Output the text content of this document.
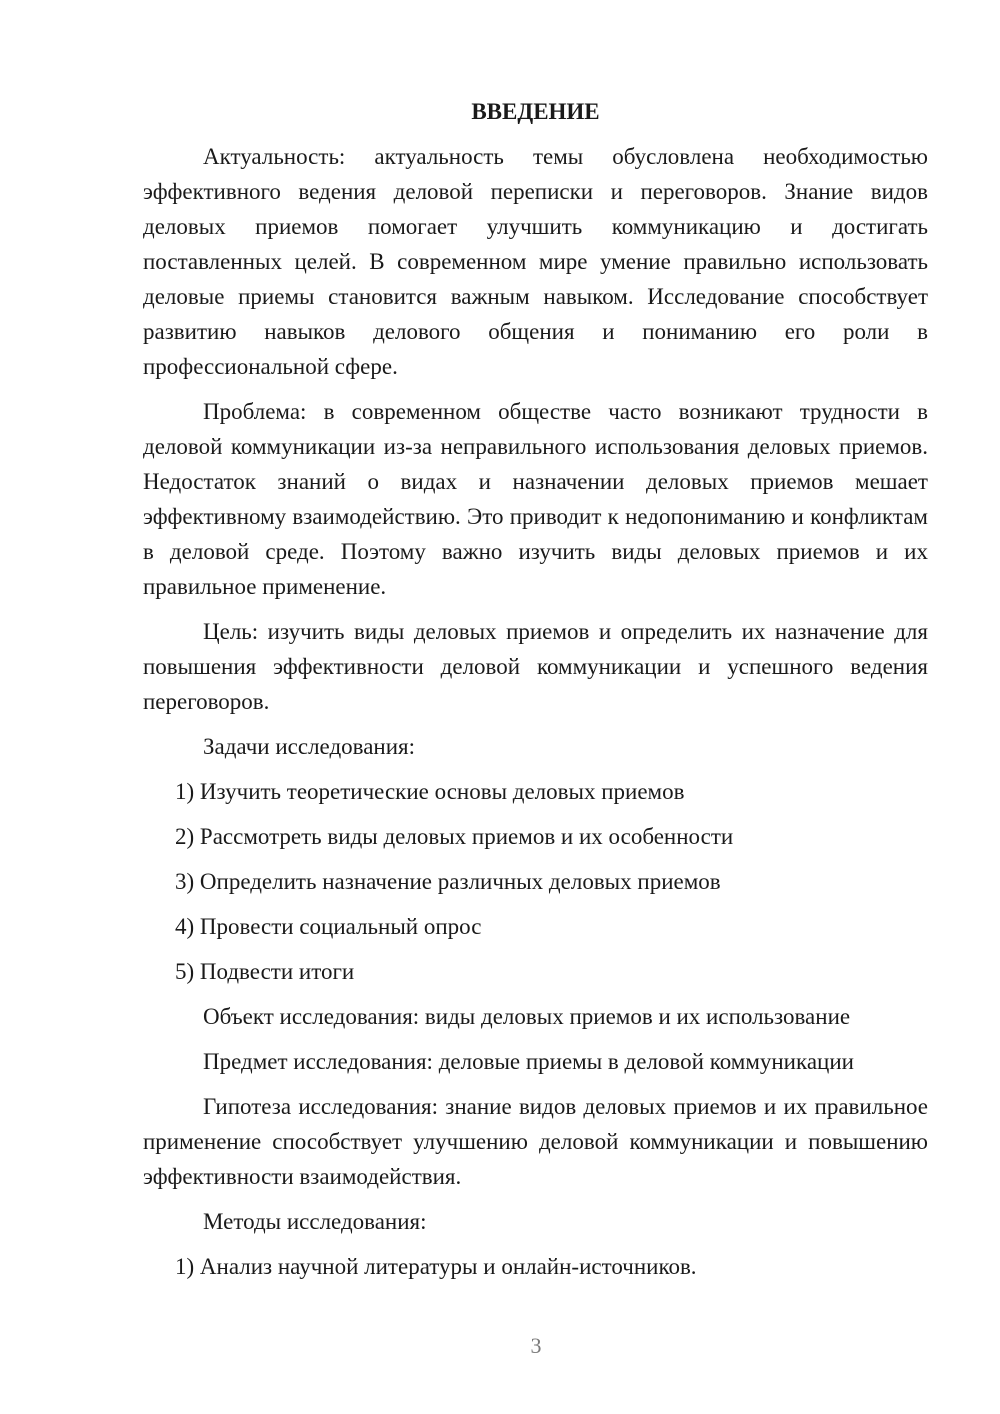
ВВЕДЕНИЕ

Актуальность: актуальность темы обусловлена необходимостью эффективного ведения деловой переписки и переговоров. Знание видов деловых приемов помогает улучшить коммуникацию и достигать поставленных целей. В современном мире умение правильно использовать деловые приемы становится важным навыком. Исследование способствует развитию навыков делового общения и пониманию его роли в профессиональной сфере.

Проблема: в современном обществе часто возникают трудности в деловой коммуникации из-за неправильного использования деловых приемов. Недостаток знаний о видах и назначении деловых приемов мешает эффективному взаимодействию. Это приводит к недопониманию и конфликтам в деловой среде. Поэтому важно изучить виды деловых приемов и их правильное применение.

Цель: изучить виды деловых приемов и определить их назначение для повышения эффективности деловой коммуникации и успешного ведения переговоров.

Задачи исследования:

1) Изучить теоретические основы деловых приемов

2) Рассмотреть виды деловых приемов и их особенности

3) Определить назначение различных деловых приемов

4) Провести социальный опрос

5) Подвести итоги

Объект исследования: виды деловых приемов и их использование

Предмет исследования: деловые приемы в деловой коммуникации

Гипотеза исследования: знание видов деловых приемов и их правильное применение способствует улучшению деловой коммуникации и повышению эффективности взаимодействия.

Методы исследования:

1) Анализ научной литературы и онлайн-источников.

3
